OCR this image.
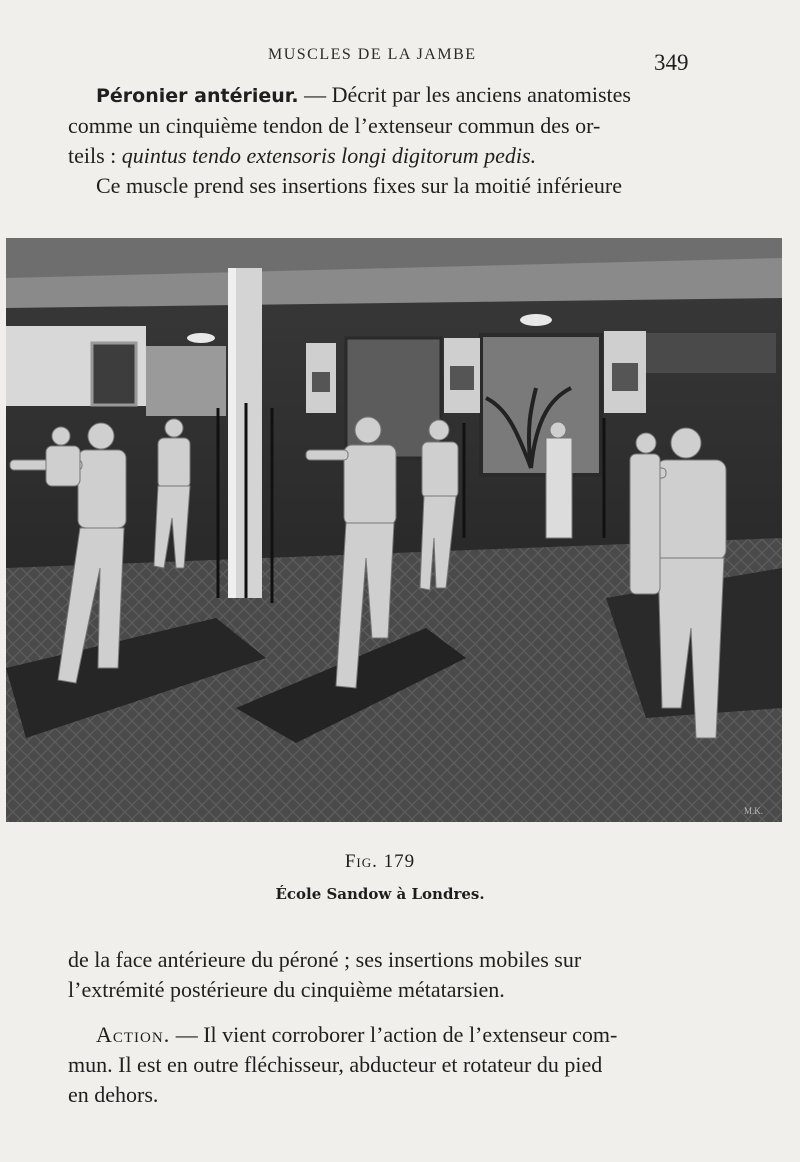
MUSCLES DE LA JAMBE	349

Péronier antérieur. — Décrit par les anciens anatomistes
comme un cinquième tendon de l’extenseur commun des or-
teils : quintus tendo extensoris longi digitorum pedis.
Ce muscle prend ses insertions fixes sur la moitié inférieure

M.K.
Fig. 179
École Sandow à Londres.

de la face antérieure du péroné ; ses insertions mobiles sur
l’extrémité postérieure du cinquième métatarsien.

Action. — Il vient corroborer l’action de l’extenseur com-
mun. Il est en outre fléchisseur, abducteur et rotateur du pied
en dehors.
